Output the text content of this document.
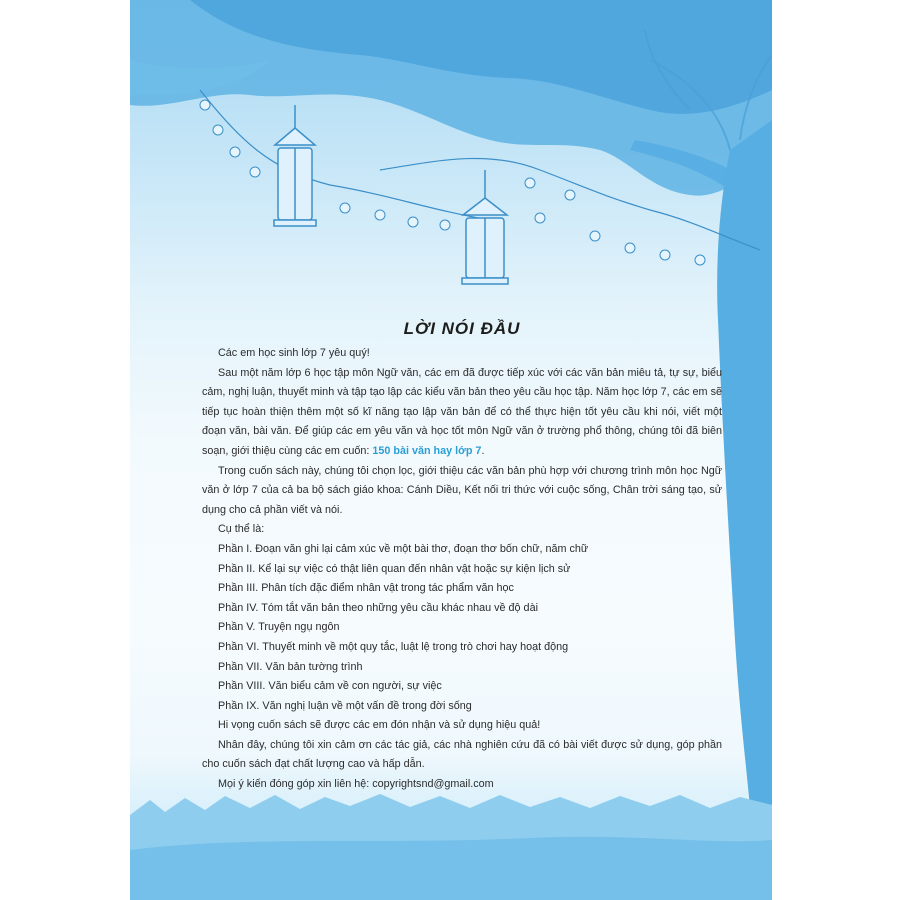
LỜI NÓI ĐẦU

Các em học sinh lớp 7 yêu quý!

Sau một năm lớp 6 học tập môn Ngữ văn, các em đã được tiếp xúc với các văn bản miêu tả, tự sự, biểu cảm, nghị luận, thuyết minh và tập tạo lập các kiểu văn bản theo yêu cầu học tập. Năm học lớp 7, các em sẽ tiếp tục hoàn thiện thêm một số kĩ năng tạo lập văn bản để có thể thực hiện tốt yêu cầu khi nói, viết một đoạn văn, bài văn. Để giúp các em yêu văn và học tốt môn Ngữ văn ở trường phổ thông, chúng tôi đã biên soạn, giới thiệu cùng các em cuốn: 150 bài văn hay lớp 7.

Trong cuốn sách này, chúng tôi chọn lọc, giới thiệu các văn bản phù hợp với chương trình môn học Ngữ văn ở lớp 7 của cả ba bộ sách giáo khoa: Cánh Diều, Kết nối tri thức với cuộc sống, Chân trời sáng tạo, sử dụng cho cả phần viết và nói.

Cụ thể là:

Phần I. Đoạn văn ghi lại cảm xúc về một bài thơ, đoạn thơ bốn chữ, năm chữ

Phần II. Kể lại sự việc có thật liên quan đến nhân vật hoặc sự kiện lịch sử

Phần III. Phân tích đặc điểm nhân vật trong tác phẩm văn học

Phần IV. Tóm tắt văn bản theo những yêu cầu khác nhau về độ dài

Phần V. Truyện ngụ ngôn

Phần VI. Thuyết minh về một quy tắc, luật lệ trong trò chơi hay hoạt động

Phần VII. Văn bản tường trình

Phần VIII. Văn biểu cảm về con người, sự việc

Phần IX. Văn nghị luận về một vấn đề trong đời sống

Hi vọng cuốn sách sẽ được các em đón nhận và sử dụng hiệu quả!

Nhân đây, chúng tôi xin cảm ơn các tác giả, các nhà nghiên cứu đã có bài viết được sử dụng, góp phần cho cuốn sách đạt chất lượng cao và hấp dẫn.

Mọi ý kiến đóng góp xin liên hệ: copyrightsnd@gmail.com
